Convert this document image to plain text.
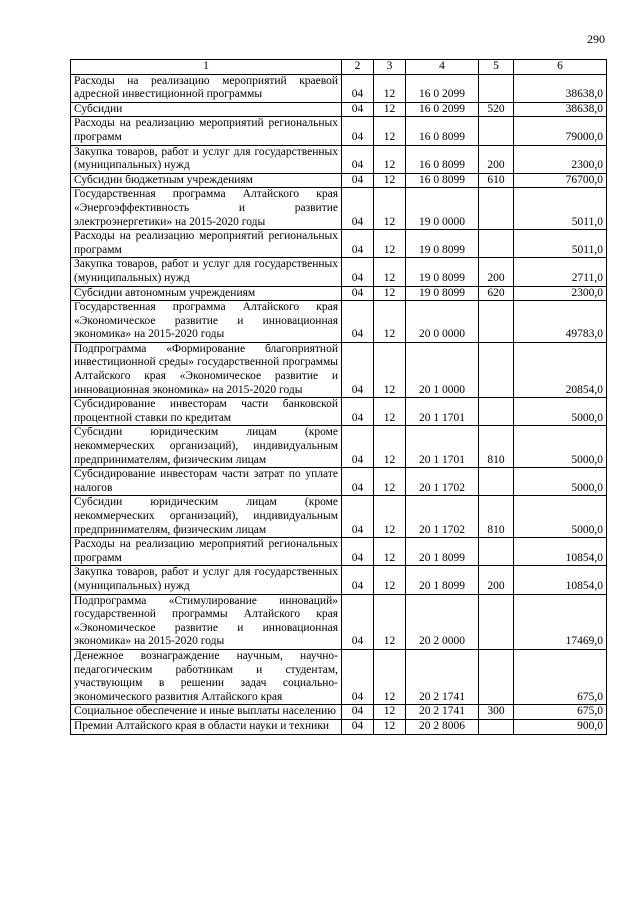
290
1	2	3	4	5	6
Расходы на реализацию мероприятий краевой адресной инвестиционной программы	04	12	16 0 2099		38638,0
Субсидии	04	12	16 0 2099	520	38638,0
Расходы на реализацию мероприятий региональных программ	04	12	16 0 8099		79000,0
Закупка товаров, работ и услуг для государственных (муниципальных) нужд	04	12	16 0 8099	200	2300,0
Субсидии бюджетным учреждениям	04	12	16 0 8099	610	76700,0
Государственная программа Алтайского края «Энергоэффективность и развитие электроэнергетики» на 2015-2020 годы	04	12	19 0 0000		5011,0
Расходы на реализацию мероприятий региональных программ	04	12	19 0 8099		5011,0
Закупка товаров, работ и услуг для государственных (муниципальных) нужд	04	12	19 0 8099	200	2711,0
Субсидии автономным учреждениям	04	12	19 0 8099	620	2300,0
Государственная программа Алтайского края «Экономическое развитие и инновационная экономика» на 2015-2020 годы	04	12	20 0 0000		49783,0
Подпрограмма «Формирование благоприятной инвестиционной среды» государственной программы Алтайского края «Экономическое развитие и инновационная экономика» на 2015-2020 годы	04	12	20 1 0000		20854,0
Субсидирование инвесторам части банковской процентной ставки по кредитам	04	12	20 1 1701		5000,0
Субсидии юридическим лицам (кроме некоммерческих организаций), индивидуальным предпринимателям, физическим лицам	04	12	20 1 1701	810	5000,0
Субсидирование инвесторам части затрат по уплате налогов	04	12	20 1 1702		5000,0
Субсидии юридическим лицам (кроме некоммерческих организаций), индивидуальным предпринимателям, физическим лицам	04	12	20 1 1702	810	5000,0
Расходы на реализацию мероприятий региональных программ	04	12	20 1 8099		10854,0
Закупка товаров, работ и услуг для государственных (муниципальных) нужд	04	12	20 1 8099	200	10854,0
Подпрограмма «Стимулирование инноваций» государственной программы Алтайского края «Экономическое развитие и инновационная экономика» на 2015-2020 годы	04	12	20 2 0000		17469,0
Денежное вознаграждение научным, научно-педагогическим работникам и студентам, участвующим в решении задач социально-экономического развития Алтайского края	04	12	20 2 1741		675,0
Социальное обеспечение и иные выплаты населению	04	12	20 2 1741	300	675,0
Премии Алтайского края в области науки и техники	04	12	20 2 8006		900,0
